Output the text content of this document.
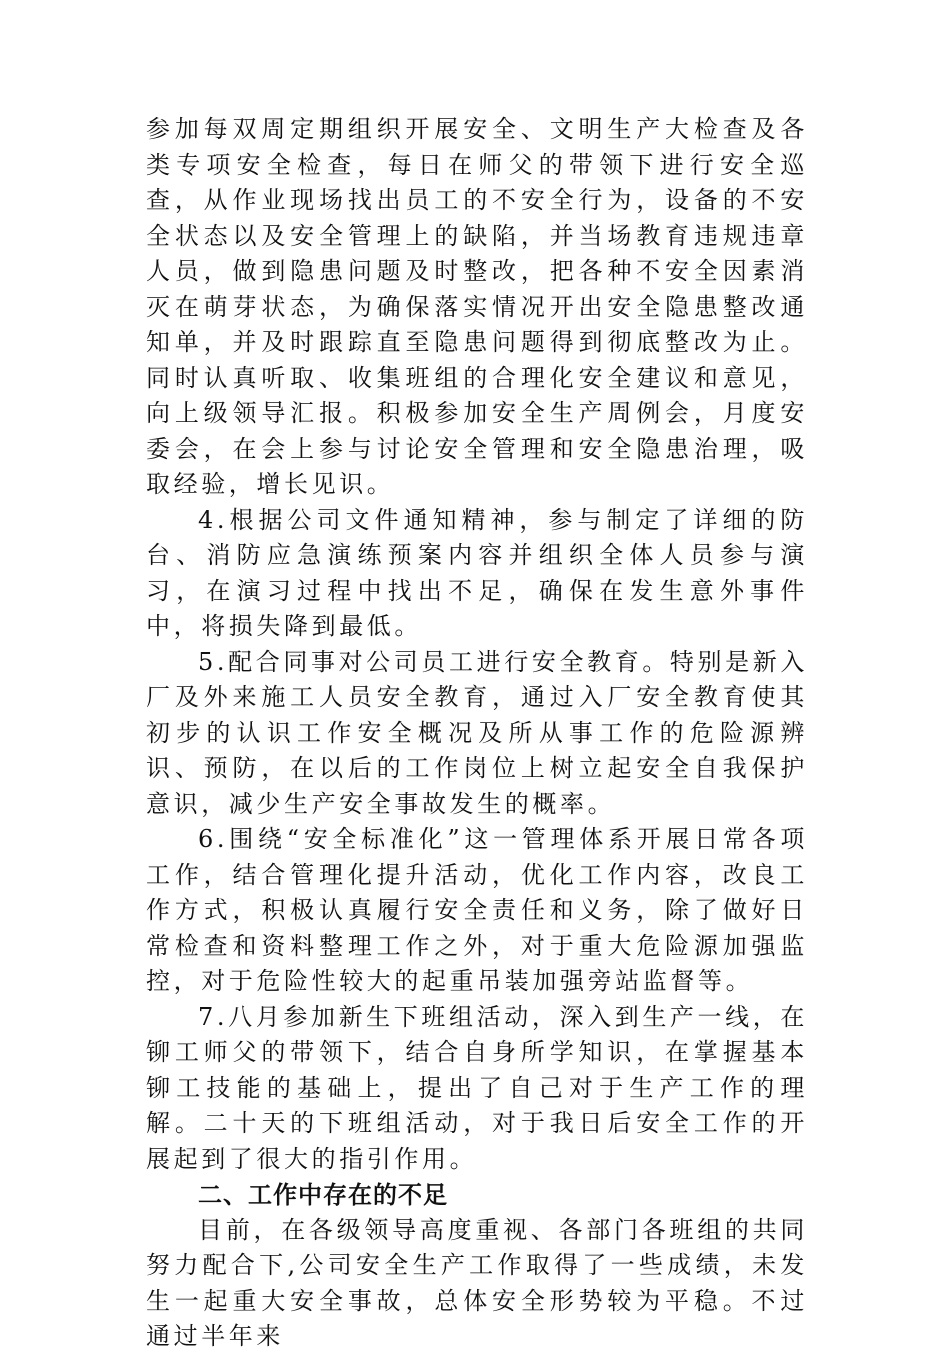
参加每双周定期组织开展安全、文明生产大检查及各类专项安全检查，每日在师父的带领下进行安全巡查，从作业现场找出员工的不安全行为，设备的不安全状态以及安全管理上的缺陷，并当场教育违规违章人员，做到隐患问题及时整改，把各种不安全因素消灭在萌芽状态，为确保落实情况开出安全隐患整改通知单，并及时跟踪直至隐患问题得到彻底整改为止。同时认真听取、收集班组的合理化安全建议和意见，向上级领导汇报。积极参加安全生产周例会，月度安委会，在会上参与讨论安全管理和安全隐患治理，吸取经验，增长见识。

4.根据公司文件通知精神，参与制定了详细的防台、消防应急演练预案内容并组织全体人员参与演习，在演习过程中找出不足，确保在发生意外事件中，将损失降到最低。

5.配合同事对公司员工进行安全教育。特别是新入厂及外来施工人员安全教育，通过入厂安全教育使其初步的认识工作安全概况及所从事工作的危险源辨识、预防，在以后的工作岗位上树立起安全自我保护意识，减少生产安全事故发生的概率。

6.围绕“安全标准化”这一管理体系开展日常各项工作，结合管理化提升活动，优化工作内容，改良工作方式，积极认真履行安全责任和义务，除了做好日常检查和资料整理工作之外，对于重大危险源加强监控，对于危险性较大的起重吊装加强旁站监督等。

7.八月参加新生下班组活动，深入到生产一线，在铆工师父的带领下，结合自身所学知识，在掌握基本铆工技能的基础上，提出了自己对于生产工作的理解。二十天的下班组活动，对于我日后安全工作的开展起到了很大的指引作用。

二、工作中存在的不足

目前，在各级领导高度重视、各部门各班组的共同努力配合下,公司安全生产工作取得了一些成绩，未发生一起重大安全事故，总体安全形势较为平稳。不过通过半年来
